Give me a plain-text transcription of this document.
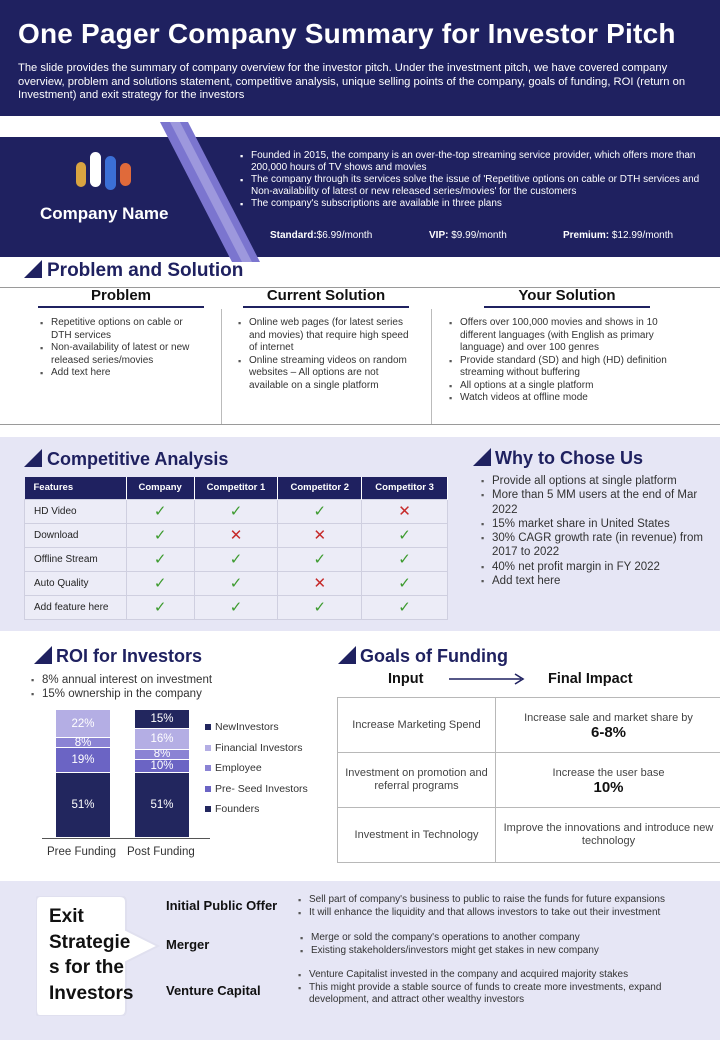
One Pager Company Summary for Investor Pitch
The slide provides the summary of company overview for the investor pitch. Under the investment pitch, we have covered company overview, problem and solutions statement, competitive analysis, unique selling points of the company, goals of funding, ROI (return on Investment) and exit strategy for the investors
Company Name
▪ Founded in 2015, the company is an over-the-top streaming service provider, which offers more than 200,000 hours of TV shows and movies
▪ The company through its services solve the issue of 'Repetitive options on cable or DTH services and Non-availability of latest or new released series/movies' for the customers
▪ The company's subscriptions are available in three plans
Standard:$6.99/month	VIP: $9.99/month	Premium: $12.99/month
Problem and Solution
Problem	Current Solution	Your Solution
▪ Repetitive options on cable or DTH services
▪ Non-availability of latest or new released series/movies
▪ Add text here
▪ Online web pages (for latest series and movies) that require high speed of internet
▪ Online streaming videos on random websites – All options are not available on a single platform
▪ Offers over 100,000 movies and shows in 10 different languages (with English as primary language) and over 100 genres
▪ Provide standard (SD) and high (HD) definition streaming without buffering
▪ All options at a single platform
▪ Watch videos at offline mode
Competitive Analysis
Features	Company	Competitor 1	Competitor 2	Competitor 3
HD Video	✓	✓	✓	✕
Download	✓	✕	✕	✓
Offline Stream	✓	✓	✓	✓
Auto Quality	✓	✓	✕	✓
Add feature here	✓	✓	✓	✓
Why to Chose Us
▪ Provide all options at single platform
▪ More than 5 MM users at the end of Mar 2022
▪ 15% market share in United States
▪ 30% CAGR growth rate (in revenue) from 2017 to 2022
▪ 40% net profit margin in FY 2022
▪ Add text here
ROI for Investors
▪ 8% annual interest on investment
▪ 15% ownership in the company
Pree Funding Post Funding
Goals of Funding
Input	Final Impact
Increase Marketing Spend	Increase sale and market share by
6-8%

Investment on promotion and referral programs	Increase the user base
10%

Investment in Technology	Improve the innovations and introduce new technology
Exit
Strategie
s for the
Investors
Initial Public Offer
Merger
Venture Capital
▪ Sell part of company's business to public to raise the funds for future expansions
▪ It will enhance the liquidity and that allows investors to take out their investment
▪ Merge or sold the company's operations to another company
▪ Existing stakeholders/investors might get stakes in new company
▪ Venture Capitalist invested in the company and acquired majority stakes
▪ This might provide a stable source of funds to create more investments, expand development, and attract other wealthy investors
51%
19%
8%
22%
51%
10%
8%
16%
15%
NewInvestors
Financial Investors
Employee
Pre- Seed Investors
Founders
